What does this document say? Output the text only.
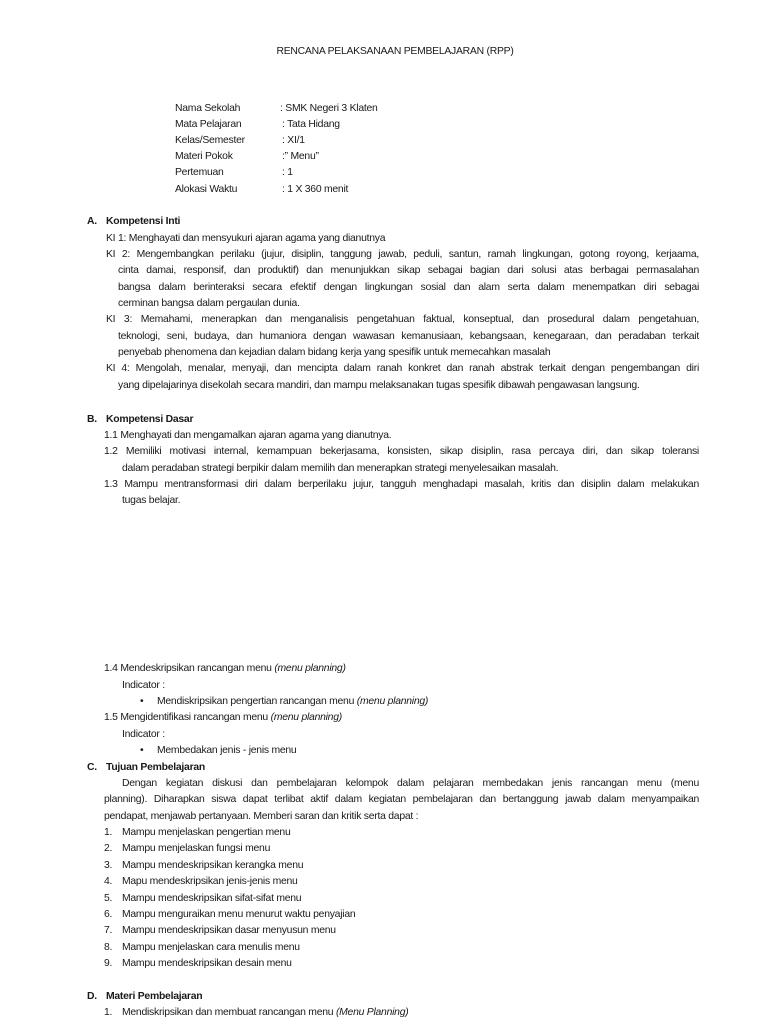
RENCANA PELAKSANAAN PEMBELAJARAN (RPP)
Nama Sekolah	: SMK Negeri 3 Klaten
Mata Pelajaran	: Tata Hidang
Kelas/Semester	: XI/1
Materi Pokok	:” Menu”
Pertemuan	: 1
Alokasi Waktu	: 1 X 360 menit
A. Kompetensi Inti
KI 1: Menghayati dan mensyukuri ajaran agama yang dianutnya
KI 2: Mengembangkan perilaku (jujur, disiplin, tanggung jawab, peduli, santun, ramah lingkungan, gotong royong, kerjaama,
cinta damai, responsif, dan produktif) dan menunjukkan sikap sebagai bagian dari solusi atas berbagai permasalahan
bangsa dalam berinteraksi secara efektif dengan lingkungan sosial dan alam serta dalam menempatkan diri sebagai
cerminan bangsa dalam pergaulan dunia.
KI 3: Memahami, menerapkan dan menganalisis pengetahuan faktual, konseptual, dan prosedural dalam pengetahuan,
teknologi, seni, budaya, dan humaniora dengan wawasan kemanusiaan, kebangsaan, kenegaraan, dan peradaban terkait
penyebab phenomena dan kejadian dalam bidang kerja yang spesifik untuk memecahkan masalah
KI 4: Mengolah, menalar, menyaji, dan mencipta dalam ranah konkret dan ranah abstrak terkait dengan pengembangan diri
yang dipelajarinya disekolah secara mandiri, dan mampu melaksanakan tugas spesifik dibawah pengawasan langsung.
B. Kompetensi Dasar
1.1 Menghayati dan mengamalkan ajaran agama yang dianutnya.
1.2 Memiliki motivasi internal, kemampuan bekerjasama, konsisten, sikap disiplin, rasa percaya diri, dan sikap toleransi
dalam peradaban strategi berpikir dalam memilih dan menerapkan strategi menyelesaikan masalah.
1.3 Mampu mentransformasi diri dalam berperilaku jujur, tangguh menghadapi masalah, kritis dan disiplin dalam melakukan
tugas belajar.
1.4 Mendeskripsikan rancangan menu (menu planning)
Indicator :
• Mendiskripsikan pengertian rancangan menu (menu planning)
1.5 Mengidentifikasi rancangan menu (menu planning)
Indicator :
• Membedakan jenis - jenis menu
C. Tujuan Pembelajaran
Dengan kegiatan diskusi dan pembelajaran kelompok dalam pelajaran membedakan jenis rancangan menu (menu
planning). Diharapkan siswa dapat terlibat aktif dalam kegiatan pembelajaran dan bertanggung jawab dalam menyampaikan
pendapat, menjawab pertanyaan. Memberi saran dan kritik serta dapat :
1. Mampu menjelaskan pengertian menu
2. Mampu menjelaskan fungsi menu
3. Mampu mendeskripsikan kerangka menu
4. Mapu mendeskripsikan jenis-jenis menu
5. Mampu mendeskripsikan sifat-sifat menu
6. Mampu menguraikan menu menurut waktu penyajian
7. Mampu mendeskripsikan dasar menyusun menu
8. Mampu menjelaskan cara menulis menu
9. Mampu mendeskripsikan desain menu
D. Materi Pembelajaran
1. Mendiskripsikan dan membuat rancangan menu (Menu Planning)
